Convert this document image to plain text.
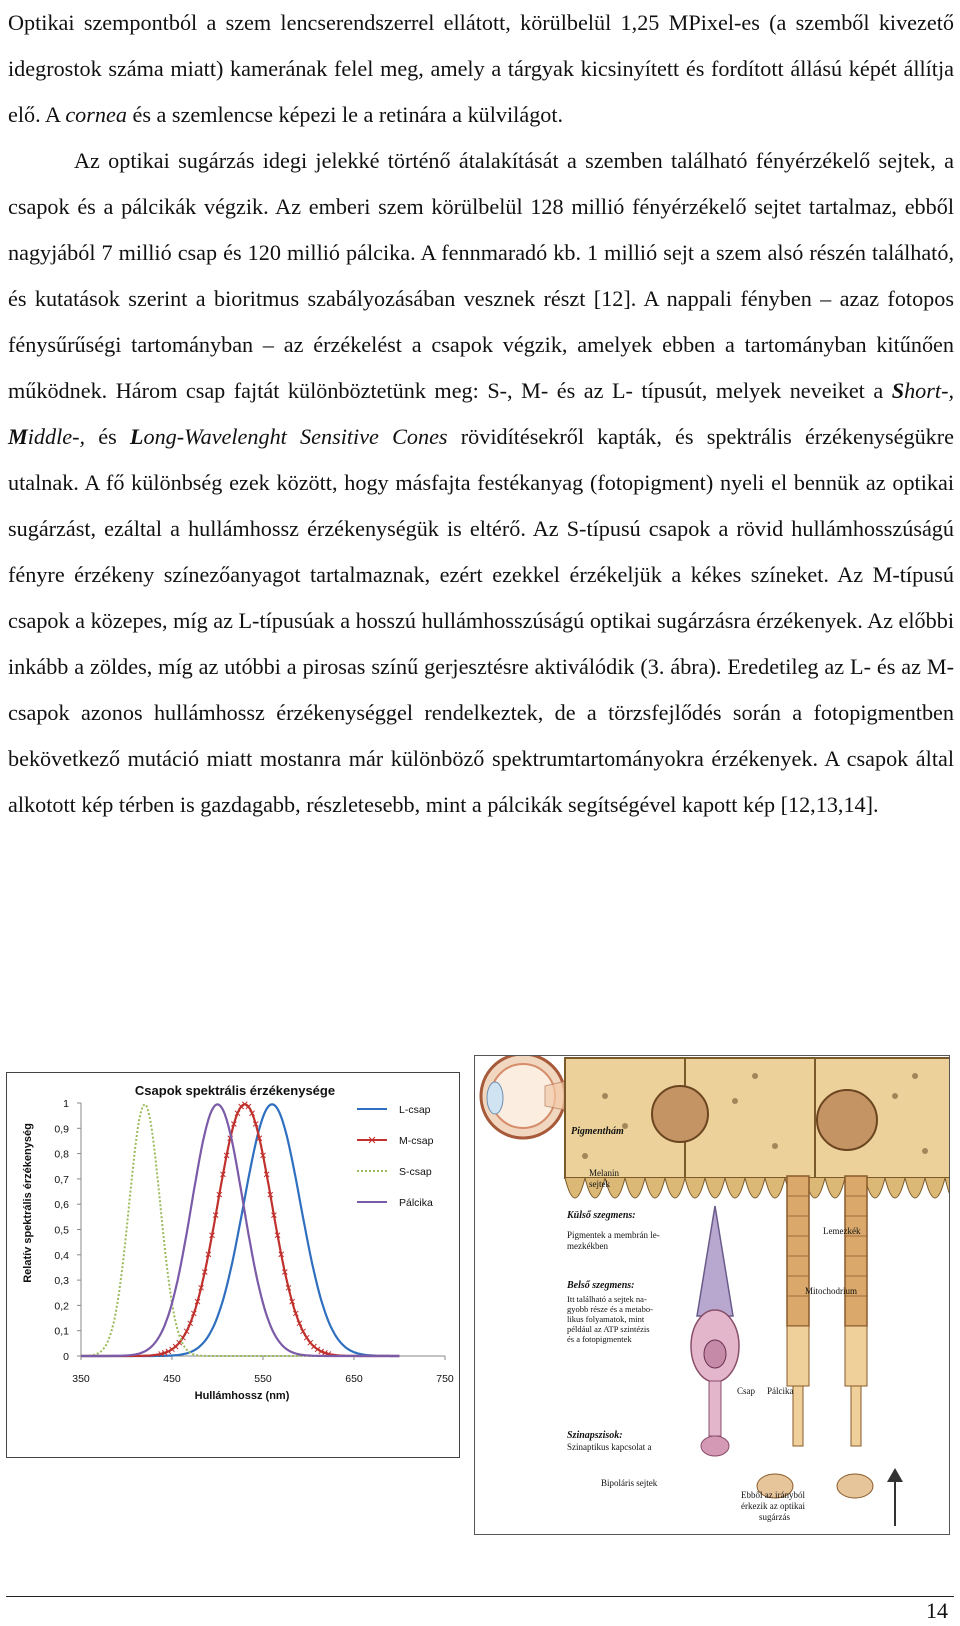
Optikai szempontból a szem lencserendszerrel ellátott, körülbelül 1,25 MPixel-es (a szemből kivezető idegrostok száma miatt) kamerának felel meg, amely a tárgyak kicsinyített és fordított állású képét állítja elő. A cornea és a szemlencse képezi le a retinára a külvilágot.

Az optikai sugárzás idegi jelekké történő átalakítását a szemben található fényérzékelő sejtek, a csapok és a pálcikák végzik. Az emberi szem körülbelül 128 millió fényérzékelő sejtet tartalmaz, ebből nagyjából 7 millió csap és 120 millió pálcika. A fennmaradó kb. 1 millió sejt a szem alsó részén található, és kutatások szerint a bioritmus szabályozásában vesznek részt [12]. A nappali fényben – azaz fotopos fénysűrűségi tartományban – az érzékelést a csapok végzik, amelyek ebben a tartományban kitűnően működnek. Három csap fajtát különböztetünk meg: S-, M- és az L- típusút, melyek neveiket a Short-, Middle-, és Long-Wavelenght Sensitive Cones rövidítésekről kapták, és spektrális érzékenységükre utalnak. A fő különbség ezek között, hogy másfajta festékanyag (fotopigment) nyeli el bennük az optikai sugárzást, ezáltal a hullámhossz érzékenységük is eltérő. Az S-típusú csapok a rövid hullámhosszúságú fényre érzékeny színezőanyagot tartalmaznak, ezért ezekkel érzékeljük a kékes színeket. Az M-típusú csapok a közepes, míg az L-típusúak a hosszú hullámhosszúságú optikai sugárzásra érzékenyek. Az előbbi inkább a zöldes, míg az utóbbi a pirosas színű gerjesztésre aktiválódik (3. ábra). Eredetileg az L- és az M-csapok azonos hullámhossz érzékenységgel rendelkeztek, de a törzsfejlődés során a fotopigmentben bekövetkező mutáció miatt mostanra már különböző spektrumtartományokra érzékenyek. A csapok által alkotott kép térben is gazdagabb, részletesebb, mint a pálcikák segítségével kapott kép [12,13,14].

Csapok spektrális érzékenysége
Relatív spektrális érzékenység
Hullámhossz (nm)
0
0,1
0,2
0,3
0,4
0,5
0,6
0,7
0,8
0,9
1
350	450	550	650	750
L-csap
M-csap
S-csap
Pálcika
Pigmenthám
Melanin sejtek
Külső szegmens:
Pigmentek a membrán le-mezkékben
Lemezkék
Belső szegmens:
Itt található a sejtek na- gyobb része és a metabo- likus folyamatok, mint például az ATP szintézis és a fotopigmentek
Mitochodrium
Csap Pálcika
Szinapszisok:
Szinaptikus kapcsolat a
Bipoláris sejtek
Ebből az irányból érkezik az optikai sugárzás
14
